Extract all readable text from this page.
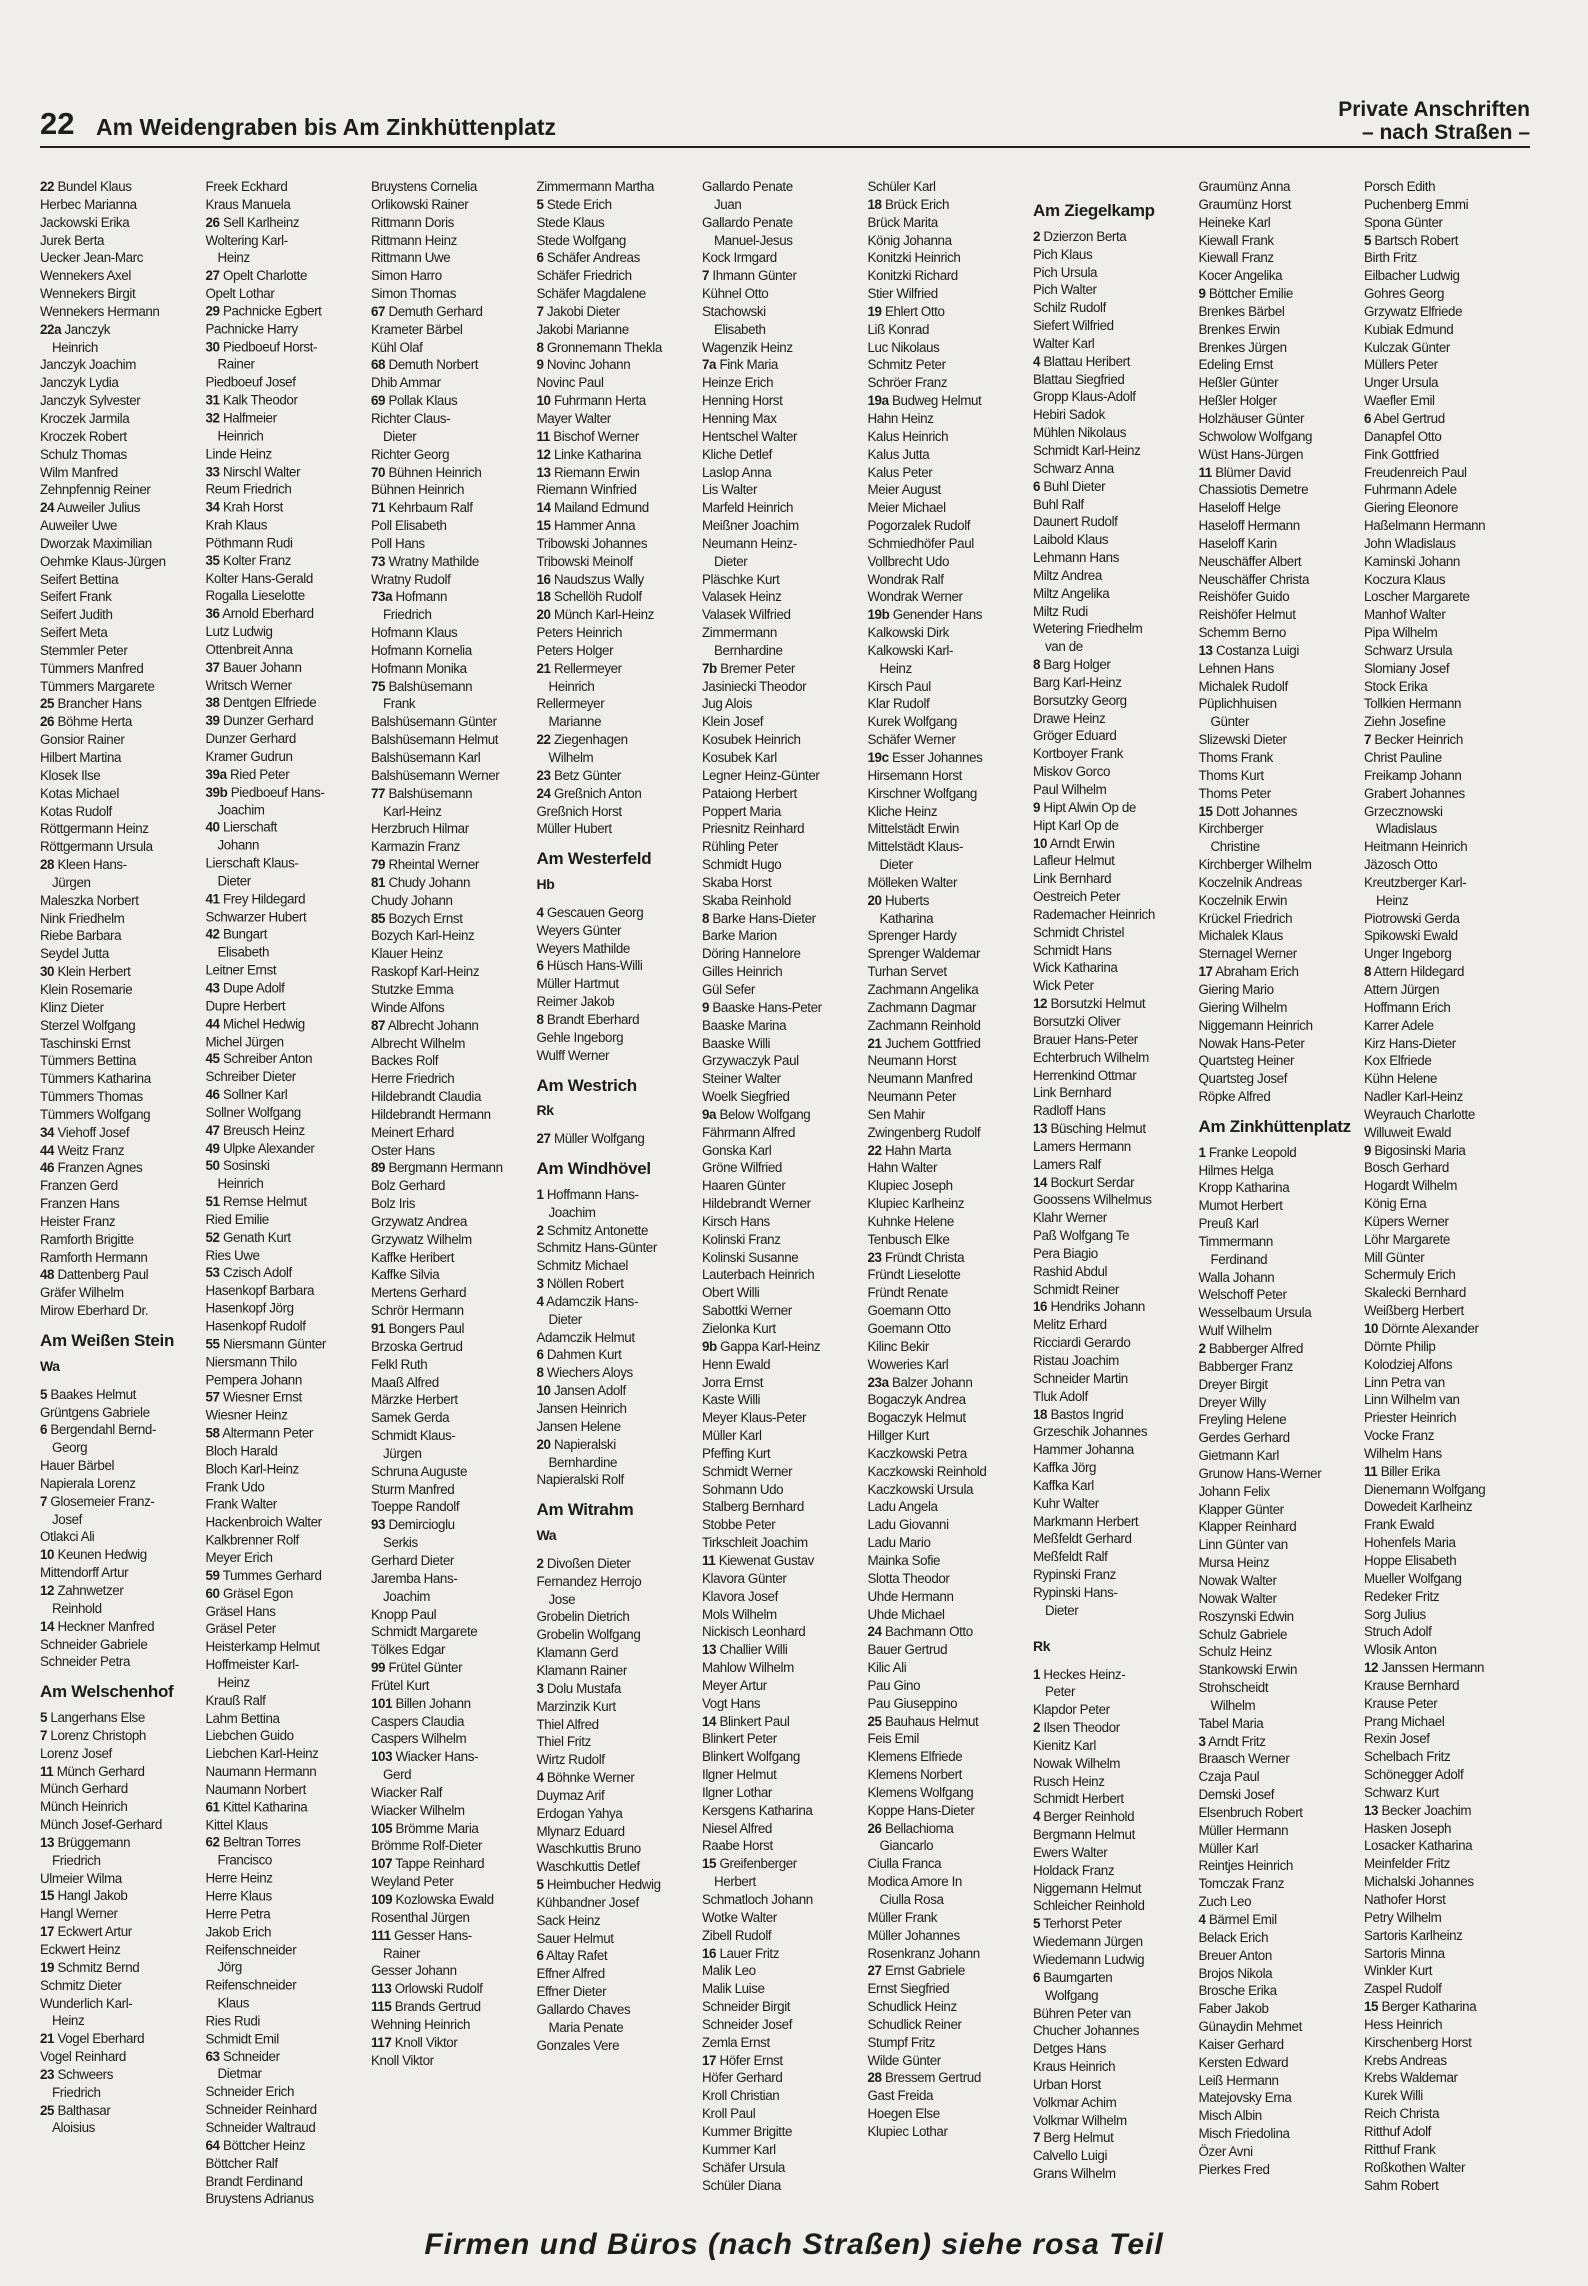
22 Am Weidengraben bis Am Zinkhüttenplatz
Private Anschriften
– nach Straßen –
22 Bundel Klaus
Herbec Marianna
Jackowski Erika
Jurek Berta
Uecker Jean-Marc
Wennekers Axel
Wennekers Birgit
Wennekers Hermann
22a Janczyk
Heinrich
Janczyk Joachim
Janczyk Lydia
Janczyk Sylvester
Kroczek Jarmila
Kroczek Robert
Schulz Thomas
Wilm Manfred
Zehnpfennig Reiner
24 Auweiler Julius
Auweiler Uwe
Dworzak Maximilian
Oehmke Klaus-Jürgen
Seifert Bettina
Seifert Frank
Seifert Judith
Seifert Meta
Stemmler Peter
Tümmers Manfred
Tümmers Margarete
25 Brancher Hans
26 Böhme Herta
Gonsior Rainer
Hilbert Martina
Klosek Ilse
Kotas Michael
Kotas Rudolf
Röttgermann Heinz
Röttgermann Ursula
28 Kleen Hans-
Jürgen
Maleszka Norbert
Nink Friedhelm
Riebe Barbara
Seydel Jutta
30 Klein Herbert
Klein Rosemarie
Klinz Dieter
Sterzel Wolfgang
Taschinski Ernst
Tümmers Bettina
Tümmers Katharina
Tümmers Thomas
Tümmers Wolfgang
34 Viehoff Josef
44 Weitz Franz
46 Franzen Agnes
Franzen Gerd
Franzen Hans
Heister Franz
Ramforth Brigitte
Ramforth Hermann
48 Dattenberg Paul
Gräfer Wilhelm
Mirow Eberhard Dr.
Am Weißen Stein
Wa
5 Baakes Helmut
Grüntgens Gabriele
6 Bergendahl Bernd-
Georg
Hauer Bärbel
Napierala Lorenz
7 Glosemeier Franz-
Josef
Otlakci Ali
10 Keunen Hedwig
Mittendorff Artur
12 Zahnwetzer
Reinhold
14 Heckner Manfred
Schneider Gabriele
Schneider Petra
Am Welschenhof
5 Langerhans Else
7 Lorenz Christoph
Lorenz Josef
11 Münch Gerhard
Münch Gerhard
Münch Heinrich
Münch Josef-Gerhard
13 Brüggemann
Friedrich
Ulmeier Wilma
15 Hangl Jakob
Hangl Werner
17 Eckwert Artur
Eckwert Heinz
19 Schmitz Bernd
Schmitz Dieter
Wunderlich Karl-
Heinz
21 Vogel Eberhard
Vogel Reinhard
23 Schweers
Friedrich
25 Balthasar
Aloisius
Freek Eckhard
Kraus Manuela
26 Sell Karlheinz
Woltering Karl-
Heinz
27 Opelt Charlotte
Opelt Lothar
29 Pachnicke Egbert
Pachnicke Harry
30 Piedboeuf Horst-
Rainer
Piedboeuf Josef
31 Kalk Theodor
32 Halfmeier
Heinrich
Linde Heinz
33 Nirschl Walter
Reum Friedrich
34 Krah Horst
Krah Klaus
Pöthmann Rudi
35 Kolter Franz
Kolter Hans-Gerald
Rogalla Lieselotte
36 Arnold Eberhard
Lutz Ludwig
Ottenbreit Anna
37 Bauer Johann
Writsch Werner
38 Dentgen Elfriede
39 Dunzer Gerhard
Dunzer Gerhard
Kramer Gudrun
39a Ried Peter
39b Piedboeuf Hans-
Joachim
40 Lierschaft
Johann
Lierschaft Klaus-
Dieter
41 Frey Hildegard
Schwarzer Hubert
42 Bungart
Elisabeth
Leitner Ernst
43 Dupe Adolf
Dupre Herbert
44 Michel Hedwig
Michel Jürgen
45 Schreiber Anton
Schreiber Dieter
46 Sollner Karl
Sollner Wolfgang
47 Breusch Heinz
49 Ulpke Alexander
50 Sosinski
Heinrich
51 Remse Helmut
Ried Emilie
52 Genath Kurt
Ries Uwe
53 Czisch Adolf
Hasenkopf Barbara
Hasenkopf Jörg
Hasenkopf Rudolf
55 Niersmann Günter
Niersmann Thilo
Pempera Johann
57 Wiesner Ernst
Wiesner Heinz
58 Altermann Peter
Bloch Harald
Bloch Karl-Heinz
Frank Udo
Frank Walter
Hackenbroich Walter
Kalkbrenner Rolf
Meyer Erich
59 Tummes Gerhard
60 Gräsel Egon
Gräsel Hans
Gräsel Peter
Heisterkamp Helmut
Hoffmeister Karl-
Heinz
Krauß Ralf
Lahm Bettina
Liebchen Guido
Liebchen Karl-Heinz
Naumann Hermann
Naumann Norbert
61 Kittel Katharina
Kittel Klaus
62 Beltran Torres
Francisco
Herre Heinz
Herre Klaus
Herre Petra
Jakob Erich
Reifenschneider
Jörg
Reifenschneider
Klaus
Ries Rudi
Schmidt Emil
63 Schneider
Dietmar
Schneider Erich
Schneider Reinhard
Schneider Waltraud
64 Böttcher Heinz
Böttcher Ralf
Brandt Ferdinand
Bruystens Adrianus
Bruystens Cornelia
Orlikowski Rainer
Rittmann Doris
Rittmann Heinz
Rittmann Uwe
Simon Harro
Simon Thomas
67 Demuth Gerhard
Krameter Bärbel
Kühl Olaf
68 Demuth Norbert
Dhib Ammar
69 Pollak Klaus
Richter Claus-
Dieter
Richter Georg
70 Bühnen Heinrich
Bühnen Heinrich
71 Kehrbaum Ralf
Poll Elisabeth
Poll Hans
73 Wratny Mathilde
Wratny Rudolf
73a Hofmann
Friedrich
Hofmann Klaus
Hofmann Kornelia
Hofmann Monika
75 Balshüsemann
Frank
Balshüsemann Günter
Balshüsemann Helmut
Balshüsemann Karl
Balshüsemann Werner
77 Balshüsemann
Karl-Heinz
Herzbruch Hilmar
Karmazin Franz
79 Rheintal Werner
81 Chudy Johann
Chudy Johann
85 Bozych Ernst
Bozych Karl-Heinz
Klauer Heinz
Raskopf Karl-Heinz
Stutzke Emma
Winde Alfons
87 Albrecht Johann
Albrecht Wilhelm
Backes Rolf
Herre Friedrich
Hildebrandt Claudia
Hildebrandt Hermann
Meinert Erhard
Oster Hans
89 Bergmann Hermann
Bolz Gerhard
Bolz Iris
Grzywatz Andrea
Grzywatz Wilhelm
Kaffke Heribert
Kaffke Silvia
Mertens Gerhard
Schrör Hermann
91 Bongers Paul
Brzoska Gertrud
Felkl Ruth
Maaß Alfred
Märzke Herbert
Samek Gerda
Schmidt Klaus-
Jürgen
Schruna Auguste
Sturm Manfred
Toeppe Randolf
93 Demircioglu
Serkis
Gerhard Dieter
Jaremba Hans-
Joachim
Knopp Paul
Schmidt Margarete
Tölkes Edgar
99 Frütel Günter
Frütel Kurt
101 Billen Johann
Caspers Claudia
Caspers Wilhelm
103 Wiacker Hans-
Gerd
Wiacker Ralf
Wiacker Wilhelm
105 Brömme Maria
Brömme Rolf-Dieter
107 Tappe Reinhard
Weyland Peter
109 Kozlowska Ewald
Rosenthal Jürgen
111 Gesser Hans-
Rainer
Gesser Johann
113 Orlowski Rudolf
115 Brands Gertrud
Wehning Heinrich
117 Knoll Viktor
Knoll Viktor
Zimmermann Martha
5 Stede Erich
Stede Klaus
Stede Wolfgang
6 Schäfer Andreas
Schäfer Friedrich
Schäfer Magdalene
7 Jakobi Dieter
Jakobi Marianne
8 Gronnemann Thekla
9 Novinc Johann
Novinc Paul
10 Fuhrmann Herta
Mayer Walter
11 Bischof Werner
12 Linke Katharina
13 Riemann Erwin
Riemann Winfried
14 Mailand Edmund
15 Hammer Anna
Tribowski Johannes
Tribowski Meinolf
16 Naudszus Wally
18 Schellöh Rudolf
20 Münch Karl-Heinz
Peters Heinrich
Peters Holger
21 Rellermeyer
Heinrich
Rellermeyer
Marianne
22 Ziegenhagen
Wilhelm
23 Betz Günter
24 Greßnich Anton
Greßnich Horst
Müller Hubert
Am Westerfeld
Hb
4 Gescauen Georg
Weyers Günter
Weyers Mathilde
6 Hüsch Hans-Willi
Müller Hartmut
Reimer Jakob
8 Brandt Eberhard
Gehle Ingeborg
Wulff Werner
Am Westrich
Rk
27 Müller Wolfgang
Am Windhövel
1 Hoffmann Hans-
Joachim
2 Schmitz Antonette
Schmitz Hans-Günter
Schmitz Michael
3 Nöllen Robert
4 Adamczik Hans-
Dieter
Adamczik Helmut
6 Dahmen Kurt
8 Wiechers Aloys
10 Jansen Adolf
Jansen Heinrich
Jansen Helene
20 Napieralski
Bernhardine
Napieralski Rolf
Am Witrahm
Wa
2 Divoßen Dieter
Fernandez Herrojo
Jose
Grobelin Dietrich
Grobelin Wolfgang
Klamann Gerd
Klamann Rainer
3 Dolu Mustafa
Marzinzik Kurt
Thiel Alfred
Thiel Fritz
Wirtz Rudolf
4 Böhnke Werner
Duymaz Arif
Erdogan Yahya
Mlynarz Eduard
Waschkuttis Bruno
Waschkuttis Detlef
5 Heimbucher Hedwig
Kühbandner Josef
Sack Heinz
Sauer Helmut
6 Altay Rafet
Effner Alfred
Effner Dieter
Gallardo Chaves
Maria Penate
Gonzales Vere
Gallardo Penate
Juan
Gallardo Penate
Manuel-Jesus
Kock Irmgard
7 Ihmann Günter
Kühnel Otto
Stachowski
Elisabeth
Wagenzik Heinz
7a Fink Maria
Heinze Erich
Henning Horst
Henning Max
Hentschel Walter
Kliche Detlef
Laslop Anna
Lis Walter
Marfeld Heinrich
Meißner Joachim
Neumann Heinz-
Dieter
Pläschke Kurt
Valasek Heinz
Valasek Wilfried
Zimmermann
Bernhardine
7b Bremer Peter
Jasiniecki Theodor
Jug Alois
Klein Josef
Kosubek Heinrich
Kosubek Karl
Legner Heinz-Günter
Pataiong Herbert
Poppert Maria
Priesnitz Reinhard
Rühling Peter
Schmidt Hugo
Skaba Horst
Skaba Reinhold
8 Barke Hans-Dieter
Barke Marion
Döring Hannelore
Gilles Heinrich
Gül Sefer
9 Baaske Hans-Peter
Baaske Marina
Baaske Willi
Grzywaczyk Paul
Steiner Walter
Woelk Siegfried
9a Below Wolfgang
Fährmann Alfred
Gonska Karl
Gröne Wilfried
Haaren Günter
Hildebrandt Werner
Kirsch Hans
Kolinski Franz
Kolinski Susanne
Lauterbach Heinrich
Obert Willi
Sabottki Werner
Zielonka Kurt
9b Gappa Karl-Heinz
Henn Ewald
Jorra Ernst
Kaste Willi
Meyer Klaus-Peter
Müller Karl
Pfeffing Kurt
Schmidt Werner
Sohmann Udo
Stalberg Bernhard
Stobbe Peter
Tirkschleit Joachim
11 Kiewenat Gustav
Klavora Günter
Klavora Josef
Mols Wilhelm
Nickisch Leonhard
13 Challier Willi
Mahlow Wilhelm
Meyer Artur
Vogt Hans
14 Blinkert Paul
Blinkert Peter
Blinkert Wolfgang
Ilgner Helmut
Ilgner Lothar
Kersgens Katharina
Niesel Alfred
Raabe Horst
15 Greifenberger
Herbert
Schmatloch Johann
Wotke Walter
Zibell Rudolf
16 Lauer Fritz
Malik Leo
Malik Luise
Schneider Birgit
Schneider Josef
Zemla Ernst
17 Höfer Ernst
Höfer Gerhard
Kroll Christian
Kroll Paul
Kummer Brigitte
Kummer Karl
Schäfer Ursula
Schüler Diana
Schüler Karl
18 Brück Erich
Brück Marita
König Johanna
Konitzki Heinrich
Konitzki Richard
Stier Wilfried
19 Ehlert Otto
Liß Konrad
Luc Nikolaus
Schmitz Peter
Schröer Franz
19a Budweg Helmut
Hahn Heinz
Kalus Heinrich
Kalus Jutta
Kalus Peter
Meier August
Meier Michael
Pogorzalek Rudolf
Schmiedhöfer Paul
Vollbrecht Udo
Wondrak Ralf
Wondrak Werner
19b Genender Hans
Kalkowski Dirk
Kalkowski Karl-
Heinz
Kirsch Paul
Klar Rudolf
Kurek Wolfgang
Schäfer Werner
19c Esser Johannes
Hirsemann Horst
Kirschner Wolfgang
Kliche Heinz
Mittelstädt Erwin
Mittelstädt Klaus-
Dieter
Mölleken Walter
20 Huberts
Katharina
Sprenger Hardy
Sprenger Waldemar
Turhan Servet
Zachmann Angelika
Zachmann Dagmar
Zachmann Reinhold
21 Juchem Gottfried
Neumann Horst
Neumann Manfred
Neumann Peter
Sen Mahir
Zwingenberg Rudolf
22 Hahn Marta
Hahn Walter
Klupiec Joseph
Klupiec Karlheinz
Kuhnke Helene
Tenbusch Elke
23 Fründt Christa
Fründt Lieselotte
Fründt Renate
Goemann Otto
Goemann Otto
Kilinc Bekir
Woweries Karl
23a Balzer Johann
Bogaczyk Andrea
Bogaczyk Helmut
Hillger Kurt
Kaczkowski Petra
Kaczkowski Reinhold
Kaczkowski Ursula
Ladu Angela
Ladu Giovanni
Ladu Mario
Mainka Sofie
Slotta Theodor
Uhde Hermann
Uhde Michael
24 Bachmann Otto
Bauer Gertrud
Kilic Ali
Pau Gino
Pau Giuseppino
25 Bauhaus Helmut
Feis Emil
Klemens Elfriede
Klemens Norbert
Klemens Wolfgang
Koppe Hans-Dieter
26 Bellachioma
Giancarlo
Ciulla Franca
Modica Amore In
Ciulla Rosa
Müller Frank
Müller Johannes
Rosenkranz Johann
27 Ernst Gabriele
Ernst Siegfried
Schudlick Heinz
Schudlick Reiner
Stumpf Fritz
Wilde Günter
28 Bressem Gertrud
Gast Freida
Hoegen Else
Klupiec Lothar
Am Ziegelkamp
2 Dzierzon Berta
Pich Klaus
Pich Ursula
Pich Walter
Schilz Rudolf
Siefert Wilfried
Walter Karl
4 Blattau Heribert
Blattau Siegfried
Gropp Klaus-Adolf
Hebiri Sadok
Mühlen Nikolaus
Schmidt Karl-Heinz
Schwarz Anna
6 Buhl Dieter
Buhl Ralf
Daunert Rudolf
Laibold Klaus
Lehmann Hans
Miltz Andrea
Miltz Angelika
Miltz Rudi
Wetering Friedhelm
van de
8 Barg Holger
Barg Karl-Heinz
Borsutzky Georg
Drawe Heinz
Gröger Eduard
Kortboyer Frank
Miskov Gorco
Paul Wilhelm
9 Hipt Alwin Op de
Hipt Karl Op de
10 Arndt Erwin
Lafleur Helmut
Link Bernhard
Oestreich Peter
Rademacher Heinrich
Schmidt Christel
Schmidt Hans
Wick Katharina
Wick Peter
12 Borsutzki Helmut
Borsutzki Oliver
Brauer Hans-Peter
Echterbruch Wilhelm
Herrenkind Ottmar
Link Bernhard
Radloff Hans
13 Büsching Helmut
Lamers Hermann
Lamers Ralf
14 Bockurt Serdar
Goossens Wilhelmus
Klahr Werner
Paß Wolfgang Te
Pera Biagio
Rashid Abdul
Schmidt Reiner
16 Hendriks Johann
Melitz Erhard
Ricciardi Gerardo
Ristau Joachim
Schneider Martin
Tluk Adolf
18 Bastos Ingrid
Grzeschik Johannes
Hammer Johanna
Kaffka Jörg
Kaffka Karl
Kuhr Walter
Markmann Herbert
Meßfeldt Gerhard
Meßfeldt Ralf
Rypinski Franz
Rypinski Hans-
Dieter
Rk
1 Heckes Heinz-
Peter
Klapdor Peter
2 Ilsen Theodor
Kienitz Karl
Nowak Wilhelm
Rusch Heinz
Schmidt Herbert
4 Berger Reinhold
Bergmann Helmut
Ewers Walter
Holdack Franz
Niggemann Helmut
Schleicher Reinhold
5 Terhorst Peter
Wiedemann Jürgen
Wiedemann Ludwig
6 Baumgarten
Wolfgang
Bühren Peter van
Chucher Johannes
Detges Hans
Kraus Heinrich
Urban Horst
Volkmar Achim
Volkmar Wilhelm
7 Berg Helmut
Calvello Luigi
Grans Wilhelm
Graumünz Anna
Graumünz Horst
Heineke Karl
Kiewall Frank
Kiewall Franz
Kocer Angelika
9 Böttcher Emilie
Brenkes Bärbel
Brenkes Erwin
Brenkes Jürgen
Edeling Ernst
Heßler Günter
Heßler Holger
Holzhäuser Günter
Schwolow Wolfgang
Wüst Hans-Jürgen
11 Blümer David
Chassiotis Demetre
Haseloff Helge
Haseloff Hermann
Haseloff Karin
Neuschäffer Albert
Neuschäffer Christa
Reishöfer Guido
Reishöfer Helmut
Schemm Berno
13 Costanza Luigi
Lehnen Hans
Michalek Rudolf
Püplichhuisen
Günter
Slizewski Dieter
Thoms Frank
Thoms Kurt
Thoms Peter
15 Dott Johannes
Kirchberger
Christine
Kirchberger Wilhelm
Koczelnik Andreas
Koczelnik Erwin
Krückel Friedrich
Michalek Klaus
Sternagel Werner
17 Abraham Erich
Giering Mario
Giering Wilhelm
Niggemann Heinrich
Nowak Hans-Peter
Quartsteg Heiner
Quartsteg Josef
Röpke Alfred
Am Zinkhüttenplatz
1 Franke Leopold
Hilmes Helga
Kropp Katharina
Mumot Herbert
Preuß Karl
Timmermann
Ferdinand
Walla Johann
Welschoff Peter
Wesselbaum Ursula
Wulf Wilhelm
2 Babberger Alfred
Babberger Franz
Dreyer Birgit
Dreyer Willy
Freyling Helene
Gerdes Gerhard
Gietmann Karl
Grunow Hans-Werner
Johann Felix
Klapper Günter
Klapper Reinhard
Linn Günter van
Mursa Heinz
Nowak Walter
Nowak Walter
Roszynski Edwin
Schulz Gabriele
Schulz Heinz
Stankowski Erwin
Strohscheidt
Wilhelm
Tabel Maria
3 Arndt Fritz
Braasch Werner
Czaja Paul
Demski Josef
Elsenbruch Robert
Müller Hermann
Müller Karl
Reintjes Heinrich
Tomczak Franz
Zuch Leo
4 Bärmel Emil
Belack Erich
Breuer Anton
Brojos Nikola
Brosche Erika
Faber Jakob
Günaydin Mehmet
Kaiser Gerhard
Kersten Edward
Leiß Hermann
Matejovsky Erna
Misch Albin
Misch Friedolina
Özer Avni
Pierkes Fred
Porsch Edith
Puchenberg Emmi
Spona Günter
5 Bartsch Robert
Birth Fritz
Eilbacher Ludwig
Gohres Georg
Grzywatz Elfriede
Kubiak Edmund
Kulczak Günter
Müllers Peter
Unger Ursula
Waefler Emil
6 Abel Gertrud
Danapfel Otto
Fink Gottfried
Freudenreich Paul
Fuhrmann Adele
Giering Eleonore
Haßelmann Hermann
John Wladislaus
Kaminski Johann
Koczura Klaus
Loscher Margarete
Manhof Walter
Pipa Wilhelm
Schwarz Ursula
Slomiany Josef
Stock Erika
Tollkien Hermann
Ziehn Josefine
7 Becker Heinrich
Christ Pauline
Freikamp Johann
Grabert Johannes
Grzecznowski
Wladislaus
Heitmann Heinrich
Jäzosch Otto
Kreutzberger Karl-
Heinz
Piotrowski Gerda
Spikowski Ewald
Unger Ingeborg
8 Attern Hildegard
Attern Jürgen
Hoffmann Erich
Karrer Adele
Kirz Hans-Dieter
Kox Elfriede
Kühn Helene
Nadler Karl-Heinz
Weyrauch Charlotte
Willuweit Ewald
9 Bigosinski Maria
Bosch Gerhard
Hogardt Wilhelm
König Erna
Küpers Werner
Löhr Margarete
Mill Günter
Schermuly Erich
Skalecki Bernhard
Weißberg Herbert
10 Dörnte Alexander
Dörnte Philip
Kolodziej Alfons
Linn Petra van
Linn Wilhelm van
Priester Heinrich
Vocke Franz
Wilhelm Hans
11 Biller Erika
Dienemann Wolfgang
Dowedeit Karlheinz
Frank Ewald
Hohenfels Maria
Hoppe Elisabeth
Mueller Wolfgang
Redeker Fritz
Sorg Julius
Struch Adolf
Wlosik Anton
12 Janssen Hermann
Krause Bernhard
Krause Peter
Prang Michael
Rexin Josef
Schelbach Fritz
Schönegger Adolf
Schwarz Kurt
13 Becker Joachim
Hasken Joseph
Losacker Katharina
Meinfelder Fritz
Michalski Johannes
Nathofer Horst
Petry Wilhelm
Sartoris Karlheinz
Sartoris Minna
Winkler Kurt
Zaspel Rudolf
15 Berger Katharina
Hess Heinrich
Kirschenberg Horst
Krebs Andreas
Krebs Waldemar
Kurek Willi
Reich Christa
Ritthuf Adolf
Ritthuf Frank
Roßkothen Walter
Sahm Robert
Firmen und Büros (nach Straßen) siehe rosa Teil
